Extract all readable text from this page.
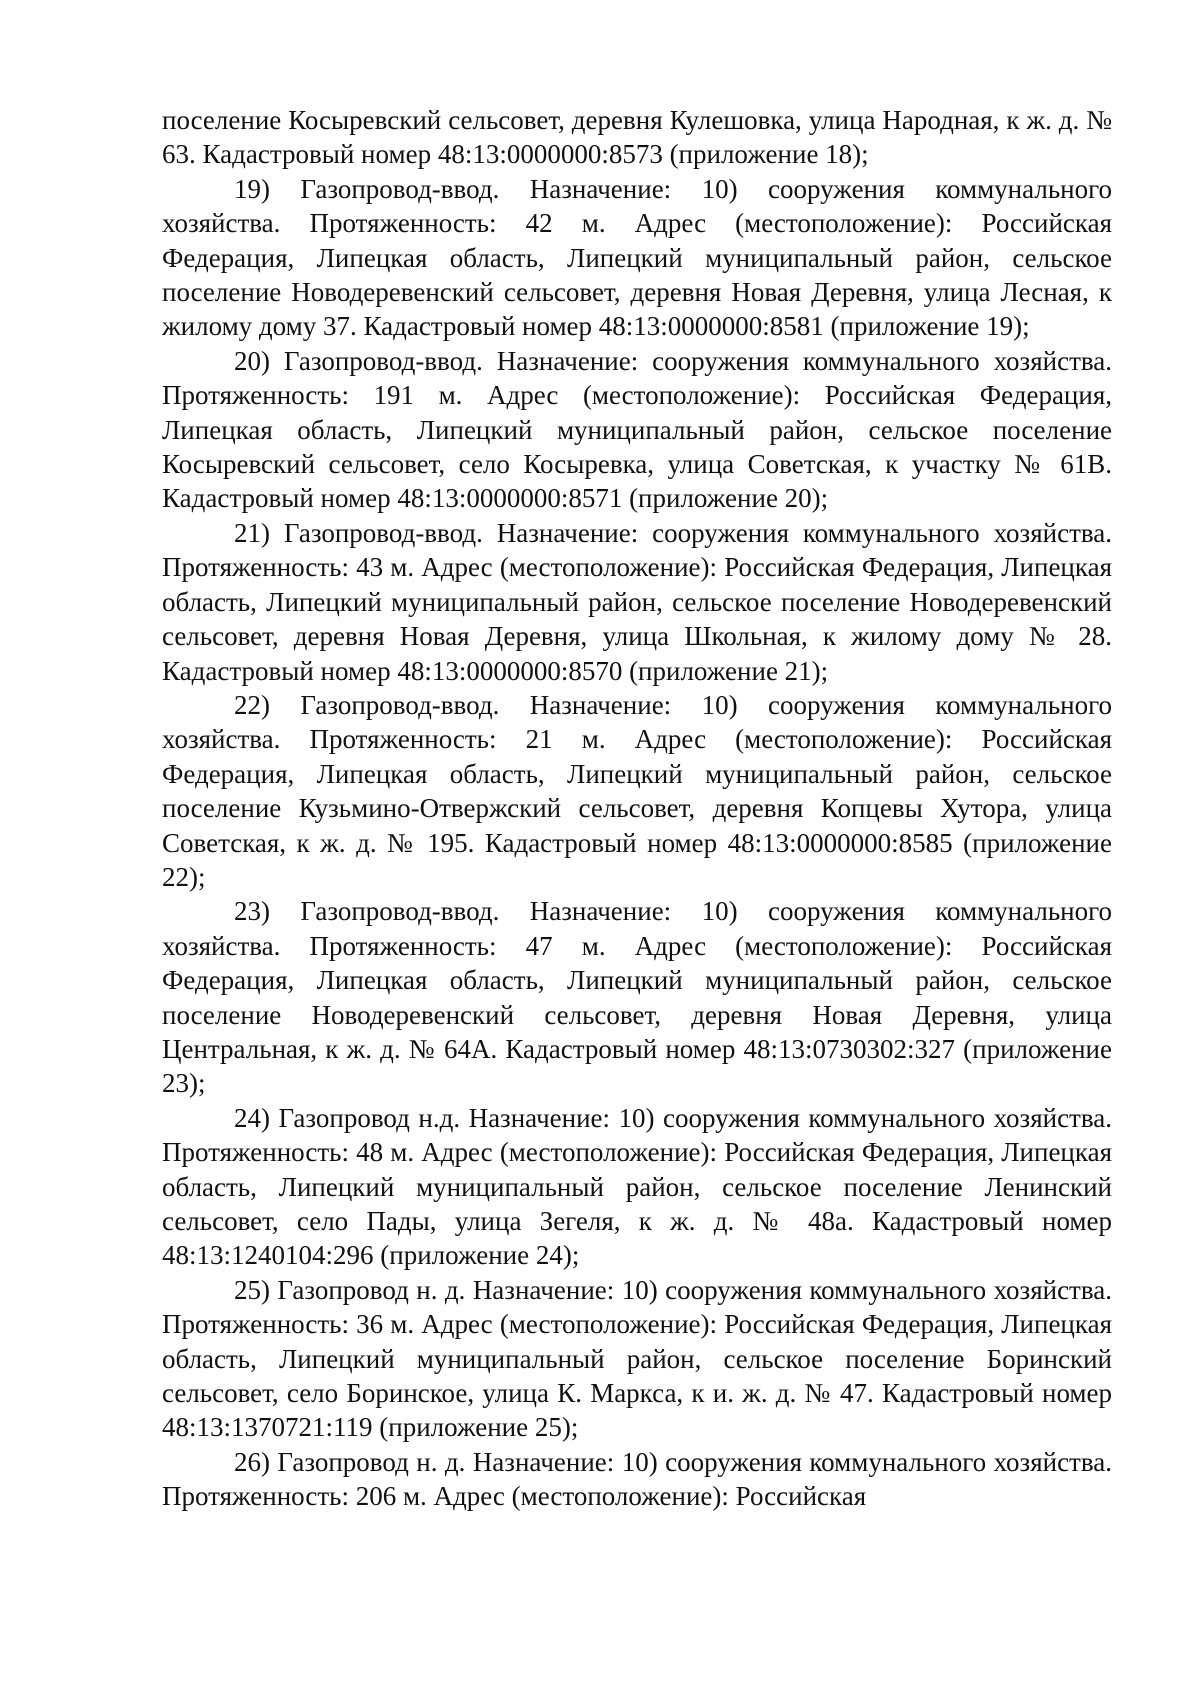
поселение Косыревский сельсовет, деревня Кулешовка, улица Народная, к ж. д. № 63. Кадастровый номер 48:13:0000000:8573 (приложение 18);

19) Газопровод-ввод. Назначение: 10) сооружения коммунального хозяйства. Протяженность: 42 м. Адрес (местоположение): Российская Федерация, Липецкая область, Липецкий муниципальный район, сельское поселение Новодеревенский сельсовет, деревня Новая Деревня, улица Лесная, к жилому дому 37. Кадастровый номер 48:13:0000000:8581 (приложение 19);

20) Газопровод-ввод. Назначение: сооружения коммунального хозяйства. Протяженность: 191 м. Адрес (местоположение): Российская Федерация, Липецкая область, Липецкий муниципальный район, сельское поселение Косыревский сельсовет, село Косыревка, улица Советская, к участку № 61В. Кадастровый номер 48:13:0000000:8571 (приложение 20);

21) Газопровод-ввод. Назначение: сооружения коммунального хозяйства. Протяженность: 43 м. Адрес (местоположение): Российская Федерация, Липецкая область, Липецкий муниципальный район, сельское поселение Новодеревенский сельсовет, деревня Новая Деревня, улица Школьная, к жилому дому № 28. Кадастровый номер 48:13:0000000:8570 (приложение 21);

22) Газопровод-ввод. Назначение: 10) сооружения коммунального хозяйства. Протяженность: 21 м. Адрес (местоположение): Российская Федерация, Липецкая область, Липецкий муниципальный район, сельское поселение Кузьмино-Отвержский сельсовет, деревня Копцевы Хутора, улица Советская, к ж. д. № 195. Кадастровый номер 48:13:0000000:8585 (приложение 22);

23) Газопровод-ввод. Назначение: 10) сооружения коммунального хозяйства. Протяженность: 47 м. Адрес (местоположение): Российская Федерация, Липецкая область, Липецкий муниципальный район, сельское поселение Новодеревенский сельсовет, деревня Новая Деревня, улица Центральная, к ж. д. № 64А. Кадастровый номер 48:13:0730302:327 (приложение 23);

24) Газопровод н.д. Назначение: 10) сооружения коммунального хозяйства. Протяженность: 48 м. Адрес (местоположение): Российская Федерация, Липецкая область, Липецкий муниципальный район, сельское поселение Ленинский сельсовет, село Пады, улица Зегеля, к ж. д. № 48а. Кадастровый номер 48:13:1240104:296 (приложение 24);

25) Газопровод н. д. Назначение: 10) сооружения коммунального хозяйства. Протяженность: 36 м. Адрес (местоположение): Российская Федерация, Липецкая область, Липецкий муниципальный район, сельское поселение Боринский сельсовет, село Боринское, улица К. Маркса, к и. ж. д. № 47. Кадастровый номер 48:13:1370721:119 (приложение 25);

26) Газопровод н. д. Назначение: 10) сооружения коммунального хозяйства. Протяженность: 206 м. Адрес (местоположение): Российская
